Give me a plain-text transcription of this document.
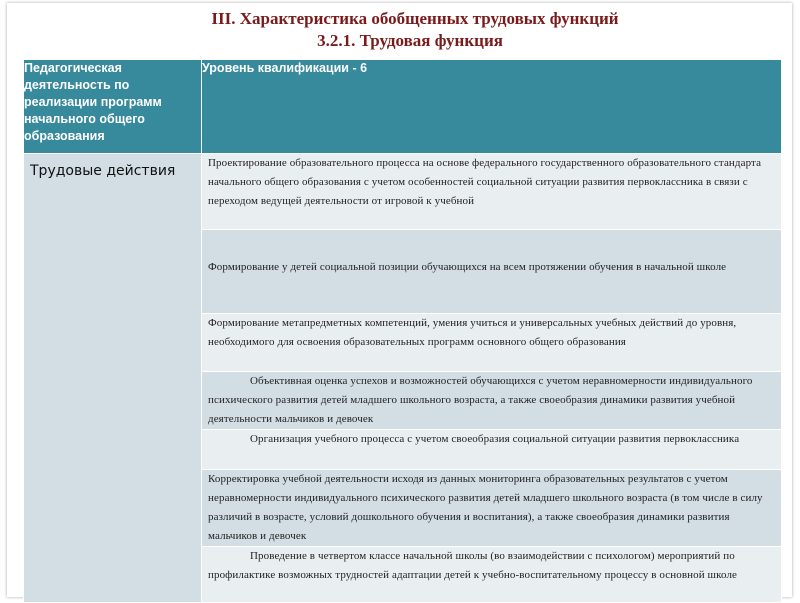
III. Характеристика обобщенных трудовых функций
3.2.1. Трудовая функция
Педагогическая деятельность по реализации программ начального общего образования	Уровень квалификации - 6
Трудовые действия	Проектирование образовательного процесса на основе федерального государственного образовательного стандарта начального общего образования с учетом особенностей социальной ситуации развития первоклассника в связи с переходом ведущей деятельности от игровой к учебной

	Формирование у детей социальной позиции обучающихся на всем протяжении обучения в начальной школе

	Формирование метапредметных компетенций, умения учиться и универсальных учебных действий до уровня, необходимого для освоения образовательных программ основного общего образования
	Объективная оценка успехов и возможностей обучающихся с учетом неравномерности индивидуального психического развития детей младшего школьного возраста, а также своеобразия динамики развития учебной деятельности мальчиков и девочек
	Организация учебного процесса с учетом своеобразия социальной ситуации развития первоклассника
	Корректировка учебной деятельности исходя из данных мониторинга образовательных результатов с учетом неравномерности индивидуального психического развития детей младшего школьного возраста (в том числе в силу различий в возрасте, условий дошкольного обучения и воспитания), а также своеобразия динамики развития мальчиков и девочек
	Проведение в четвертом классе начальной школы (во взаимодействии с психологом) мероприятий по профилактике возможных трудностей адаптации детей к учебно-воспитательному процессу в основной школе
